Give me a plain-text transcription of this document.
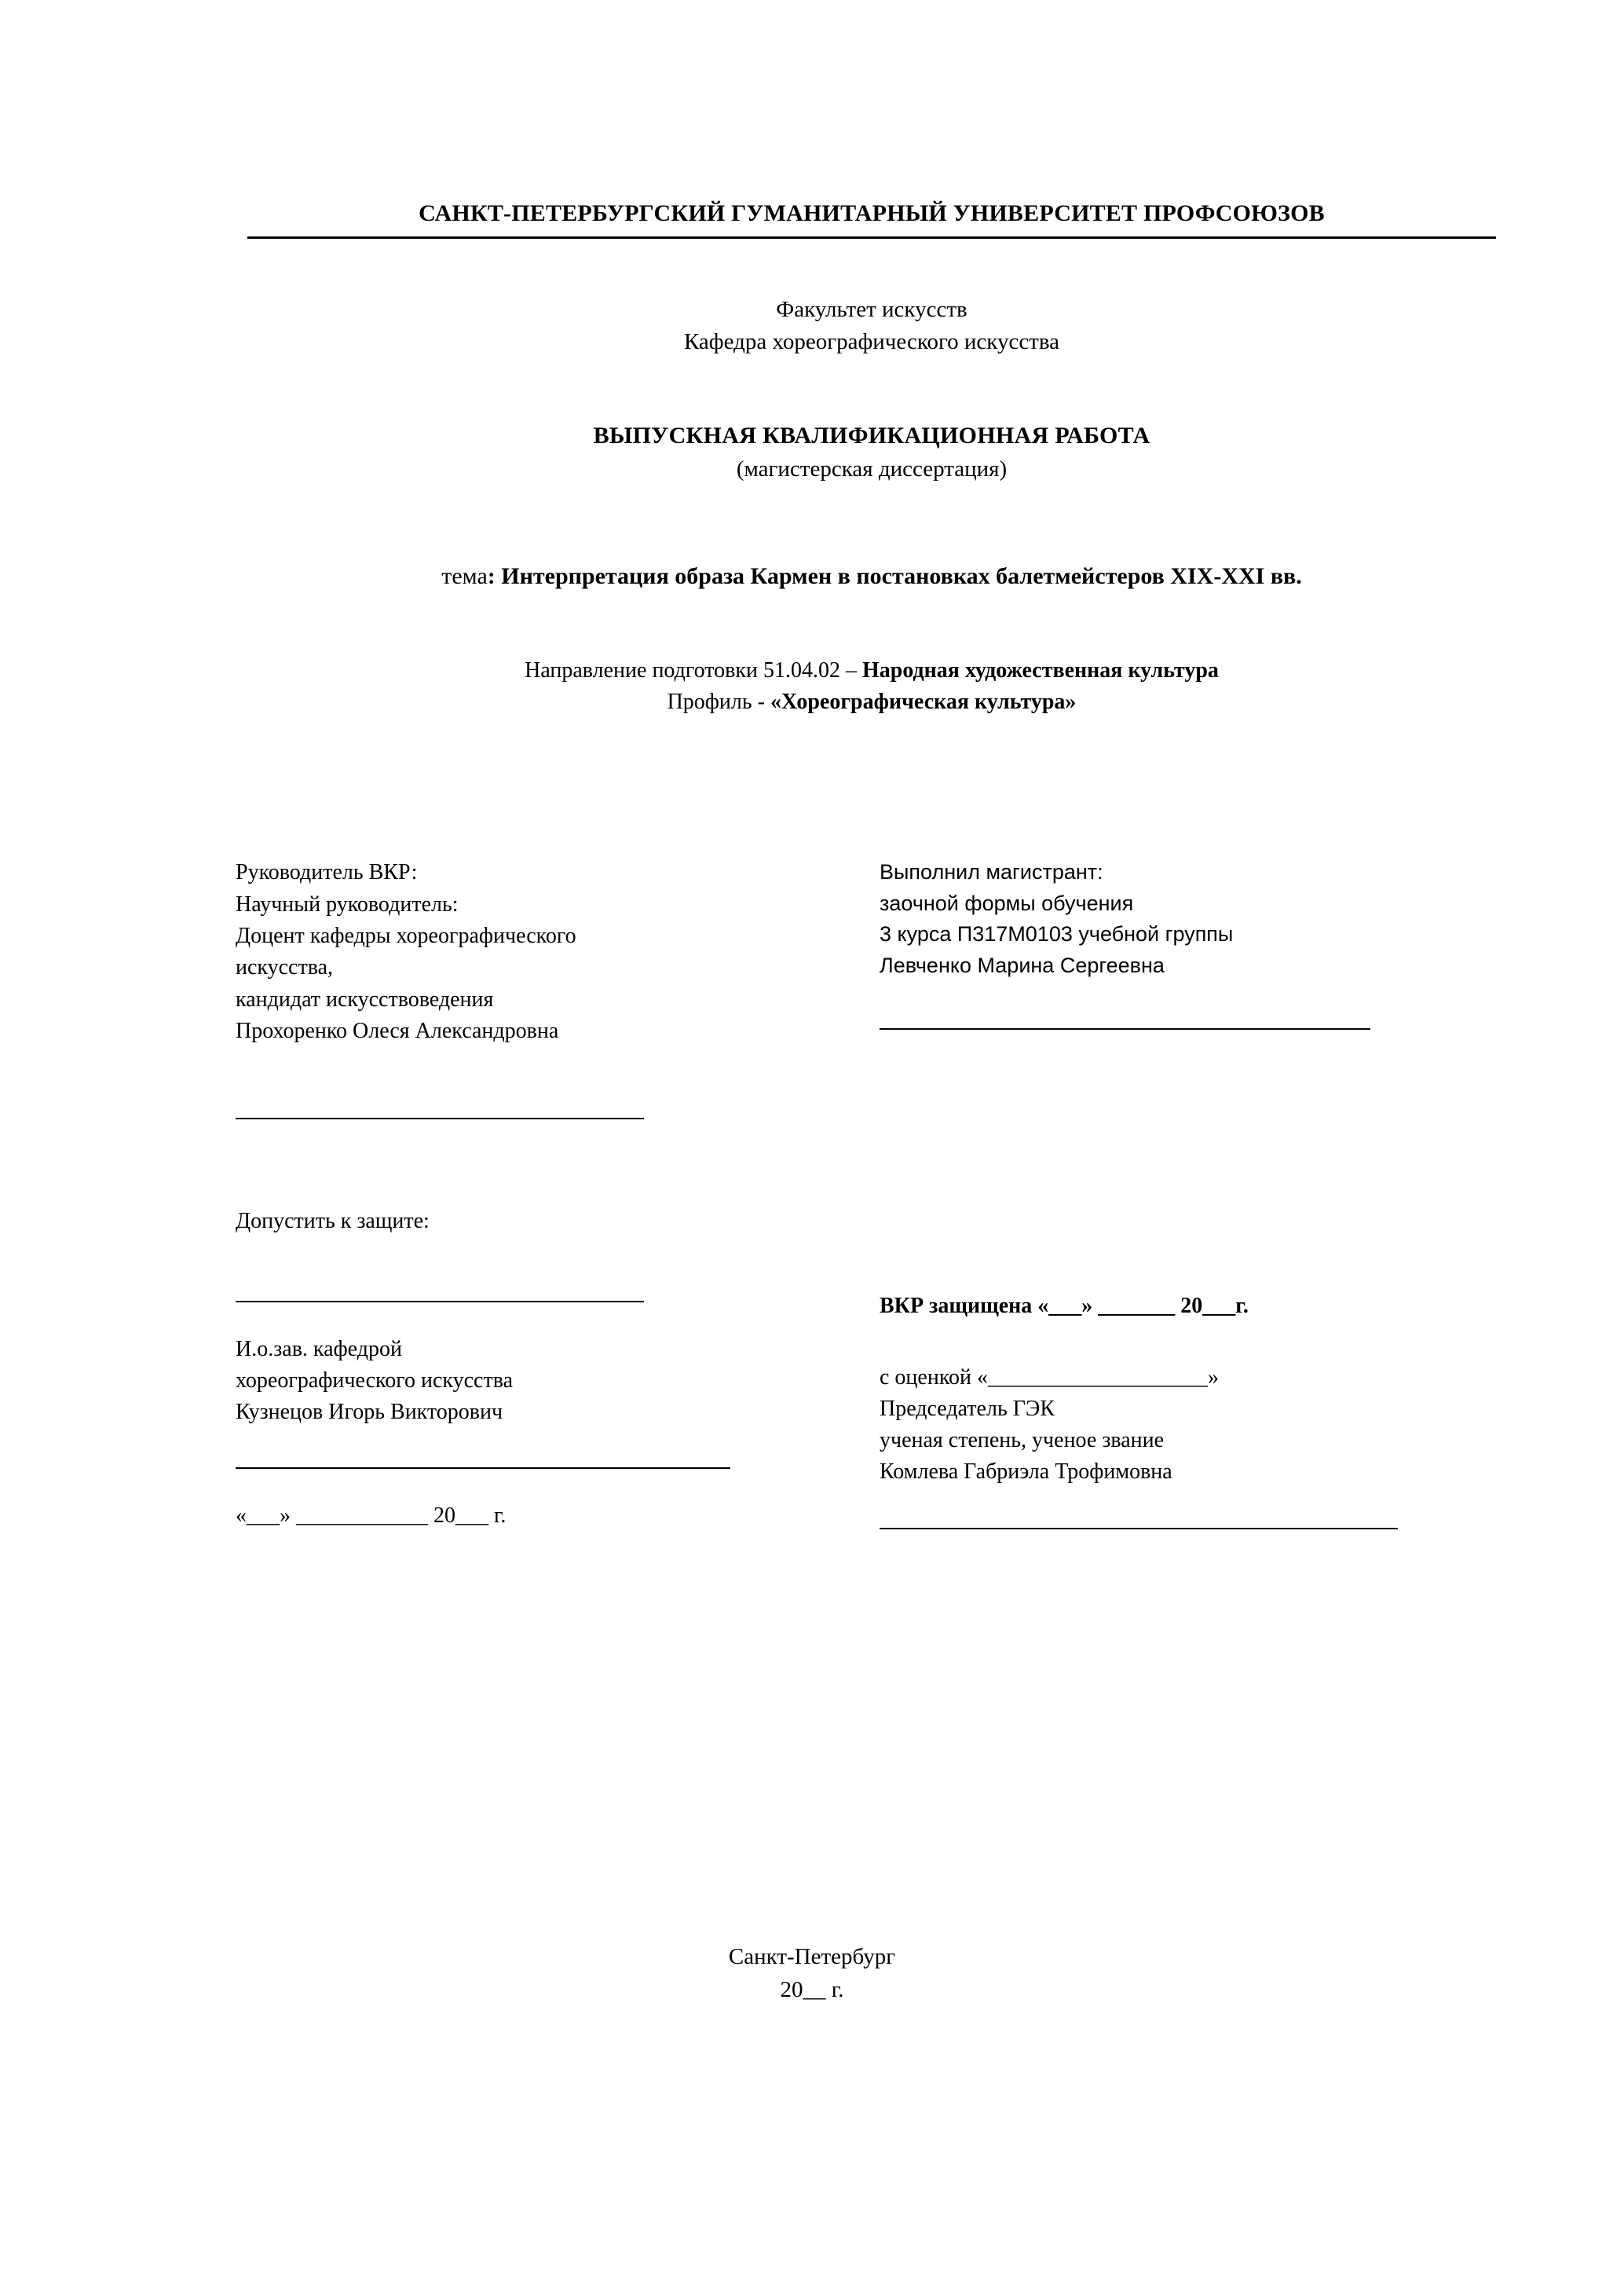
САНКТ-ПЕТЕРБУРГСКИЙ ГУМАНИТАРНЫЙ УНИВЕРСИТЕТ ПРОФСОЮЗОВ
Факультет искусств
Кафедра хореографического искусства
ВЫПУСКНАЯ КВАЛИФИКАЦИОННАЯ РАБОТА
(магистерская диссертация)
тема: Интерпретация образа Кармен в постановках балетмейстеров XIX-XXI вв.
Направление подготовки 51.04.02 – Народная художественная культура
Профиль - «Хореографическая культура»
Руководитель ВКР:
Научный руководитель:
Доцент кафедры хореографического
искусства,
кандидат искусствоведения
Прохоренко Олеся Александровна
Выполнил магистрант:
заочной формы обучения
3 курса П317М0103 учебной группы
Левченко Марина Сергеевна
Допустить к защите:
И.о.зав. кафедрой
хореографического искусства
Кузнецов Игорь Викторович
«___» ____________ 20___ г.
ВКР защищена «___» _______ 20___г.
с оценкой «____________________»
Председатель ГЭК
ученая степень, ученое звание
Комлева Габриэла Трофимовна
Санкт-Петербург
20__ г.
